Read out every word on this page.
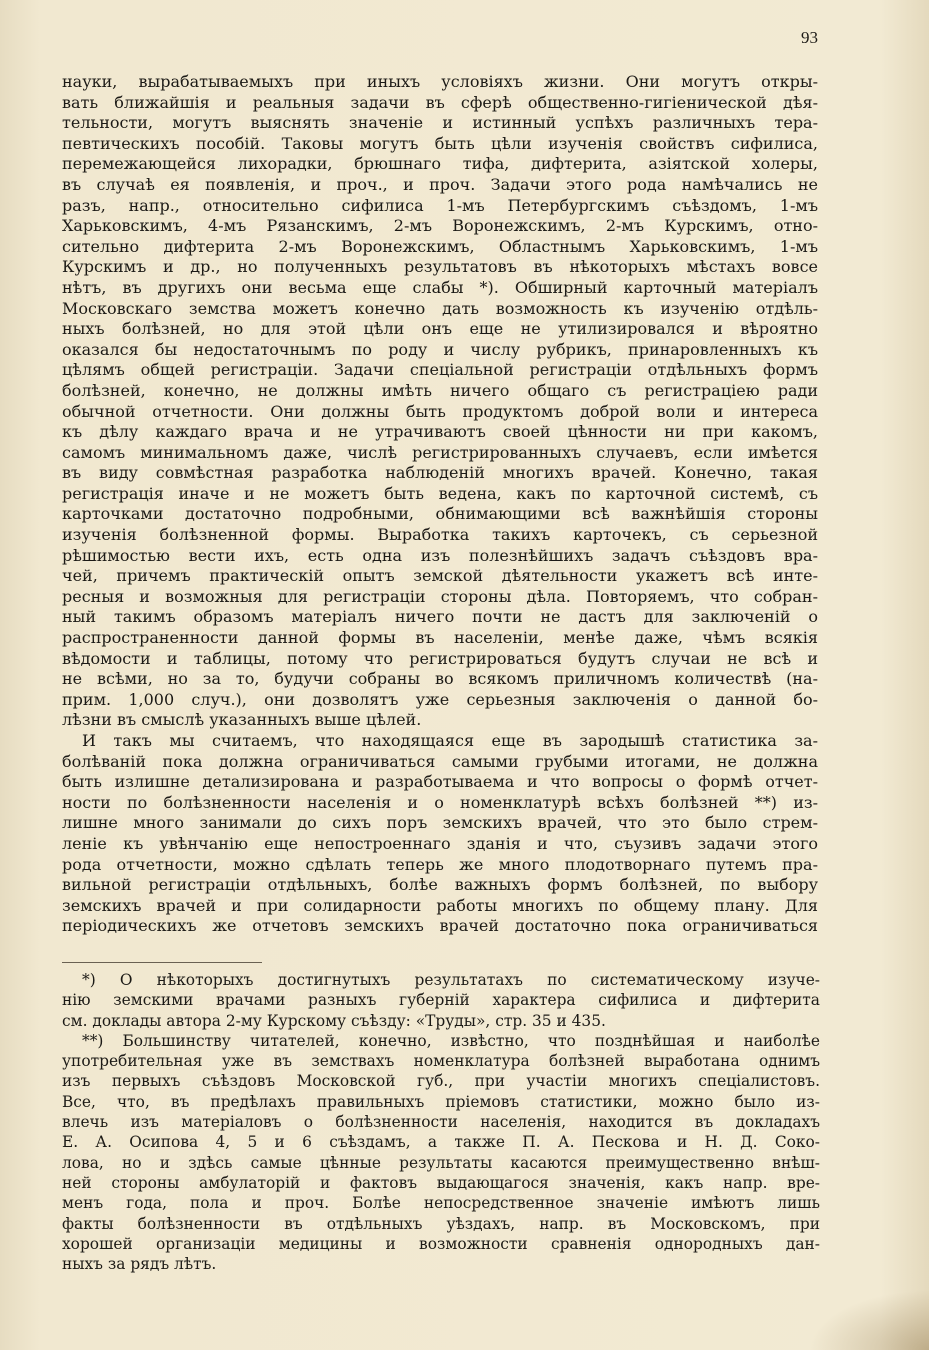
93
науки, вырабатываемыхъ при иныхъ условіяхъ жизни. Они могутъ откры-
вать ближайшія и реальныя задачи въ сферѣ общественно-гигіенической дѣя-
тельности, могутъ выяснять значеніе и истинный успѣхъ различныхъ тера-
певтическихъ пособій. Таковы могутъ быть цѣли изученія свойствъ сифилиса,
перемежающейся лихорадки, брюшнаго тифа, дифтерита, азіятской холеры,
въ случаѣ ея появленія, и проч., и проч. Задачи этого рода намѣчались не
разъ, напр., относительно сифилиса 1-мъ Петербургскимъ съѣздомъ, 1-мъ
Харьковскимъ, 4-мъ Рязанскимъ, 2-мъ Воронежскимъ, 2-мъ Курскимъ, отно-
сительно дифтерита 2-мъ Воронежскимъ, Областнымъ Харьковскимъ, 1-мъ
Курскимъ и др., но полученныхъ результатовъ въ нѣкоторыхъ мѣстахъ вовсе
нѣтъ, въ другихъ они весьма еще слабы *). Обширный карточный матеріалъ
Московскаго земства можетъ конечно дать возможность къ изученію отдѣль-
ныхъ болѣзней, но для этой цѣли онъ еще не утилизировался и вѣроятно
оказался бы недостаточнымъ по роду и числу рубрикъ, принаровленныхъ къ
цѣлямъ общей регистраціи. Задачи спеціальной регистраціи отдѣльныхъ формъ
болѣзней, конечно, не должны имѣть ничего общаго съ регистраціею ради
обычной отчетности. Они должны быть продуктомъ доброй воли и интереса
къ дѣлу каждаго врача и не утрачиваютъ своей цѣнности ни при какомъ,
самомъ минимальномъ даже, числѣ регистрированныхъ случаевъ, если имѣется
въ виду совмѣстная разработка наблюденій многихъ врачей. Конечно, такая
регистрація иначе и не можетъ быть ведена, какъ по карточной системѣ, съ
карточками достаточно подробными, обнимающими всѣ важнѣйшія стороны
изученія болѣзненной формы. Выработка такихъ карточекъ, съ серьезной
рѣшимостью вести ихъ, есть одна изъ полезнѣйшихъ задачъ съѣздовъ вра-
чей, причемъ практическій опытъ земской дѣятельности укажетъ всѣ инте-
ресныя и возможныя для регистраціи стороны дѣла. Повторяемъ, что собран-
ный такимъ образомъ матеріалъ ничего почти не дастъ для заключеній о
распространенности данной формы въ населеніи, менѣе даже, чѣмъ всякія
вѣдомости и таблицы, потому что регистрироваться будутъ случаи не всѣ и
не всѣми, но за то, будучи собраны во всякомъ приличномъ количествѣ (на-
прим. 1,000 случ.), они дозволятъ уже серьезныя заключенія о данной бо-
лѣзни въ смыслѣ указанныхъ выше цѣлей.
И такъ мы считаемъ, что находящаяся еще въ зародышѣ статистика за-
болѣваній пока должна ограничиваться самыми грубыми итогами, не должна
быть излишне детализирована и разработываема и что вопросы о формѣ отчет-
ности по болѣзненности населенія и о номенклатурѣ всѣхъ болѣзней **) из-
лишне много занимали до сихъ поръ земскихъ врачей, что это было стрем-
леніе къ увѣнчанію еще непостроеннаго зданія и что, съузивъ задачи этого
рода отчетности, можно сдѣлать теперь же много плодотворнаго путемъ пра-
вильной регистраціи отдѣльныхъ, болѣе важныхъ формъ болѣзней, по выбору
земскихъ врачей и при солидарности работы многихъ по общему плану. Для
періодическихъ же отчетовъ земскихъ врачей достаточно пока ограничиваться
*) О нѣкоторыхъ достигнутыхъ результатахъ по систематическому изуче-
нію земскими врачами разныхъ губерній характера сифилиса и дифтерита
см. доклады автора 2-му Курскому съѣзду: «Труды», стр. 35 и 435.
**) Большинству читателей, конечно, извѣстно, что позднѣйшая и наиболѣе
употребительная уже въ земствахъ номенклатура болѣзней выработана однимъ
изъ первыхъ съѣздовъ Московской губ., при участіи многихъ спеціалистовъ.
Все, что, въ предѣлахъ правильныхъ пріемовъ статистики, можно было из-
влечь изъ матеріаловъ о болѣзненности населенія, находится въ докладахъ
Е. А. Осипова 4, 5 и 6 съѣздамъ, а также П. А. Пескова и Н. Д. Соко-
лова, но и здѣсь самые цѣнные результаты касаются преимущественно внѣш-
ней стороны амбулаторій и фактовъ выдающагося значенія, какъ напр. вре-
менъ года, пола и проч. Болѣе непосредственное значеніе имѣютъ лишь
факты болѣзненности въ отдѣльныхъ уѣздахъ, напр. въ Московскомъ, при
хорошей организаціи медицины и возможности сравненія однородныхъ дан-
ныхъ за рядъ лѣтъ.
